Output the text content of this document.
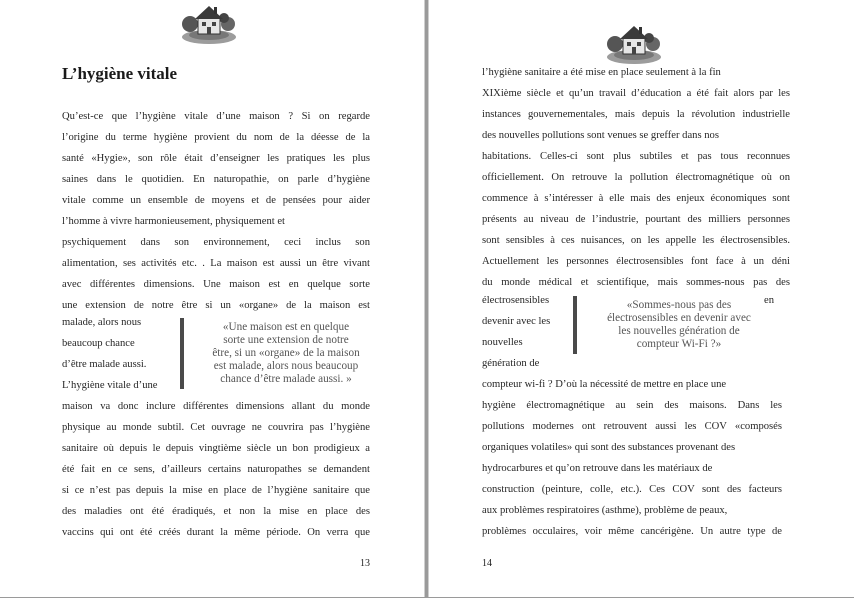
L’hygiène vitale
Qu’est-ce que l’hygiène vitale d’une maison ? Si on regarde
l’origine du terme hygiène provient du nom de la déesse de la
santé «Hygie», son rôle était d’enseigner les pratiques les plus
saines dans le quotidien. En naturopathie, on parle d’hygiène
vitale comme un ensemble de moyens et de pensées pour aider
l’homme à vivre harmonieusement, physiquement et
psychiquement dans son environnement, ceci inclus son
alimentation, ses activités etc. . La maison est aussi un être vivant
avec différentes dimensions. Une maison est en quelque sorte
une extension de notre être si un «organe» de la maison est
malade, alors nous
beaucoup chance
d’être malade aussi.
L’hygiène vitale d’une
«Une maison est en quelque
sorte une extension de notre
être, si un «organe» de la maison
est malade, alors nous beaucoup
chance d’être malade aussi. »
maison va donc inclure différentes dimensions allant du monde
physique au monde subtil. Cet ouvrage ne couvrira pas l’hygiène
sanitaire où depuis le depuis vingtième siècle un bon prodigieux a
été fait en ce sens, d’ailleurs certains naturopathes se demandent
si ce n’est pas depuis la mise en place de l’hygiène sanitaire que
des maladies ont été éradiqués, et non la mise en place des
vaccins qui ont été créés durant la même période. On verra que
13
l’hygiène sanitaire a été mise en place seulement à la fin
XIXième siècle et qu’un travail d’éducation a été fait alors par les
instances gouvernementales, mais depuis la révolution industrielle
des nouvelles pollutions sont venues se greffer dans nos
habitations. Celles-ci sont plus subtiles et pas tous reconnues
officiellement. On retrouve la pollution électromagnétique où on
commence à s’intéresser à elle mais des enjeux économiques sont
présents au niveau de l’industrie, pourtant des milliers personnes
sont sensibles à ces nuisances, on les appelle les électrosensibles.
Actuellement les personnes électrosensibles font face à un déni
du monde médical et scientifique, mais sommes-nous pas des
électrosensibles
devenir avec les
nouvelles
génération de
en
«Sommes-nous pas des
électrosensibles en devenir avec
les nouvelles génération de
compteur Wi-Fi ?»
compteur wi-fi ? D’où la nécessité de mettre en place une
hygiène électromagnétique au sein des maisons. Dans les
pollutions modernes ont retrouvent aussi les COV «composés
organiques volatiles» qui sont des substances provenant des
hydrocarbures et qu’on retrouve dans les matériaux de
construction (peinture, colle, etc.). Ces COV sont des facteurs
aux problèmes respiratoires (asthme), problème de peaux,
problèmes occulaires, voir même cancérigène. Un autre type de
14
